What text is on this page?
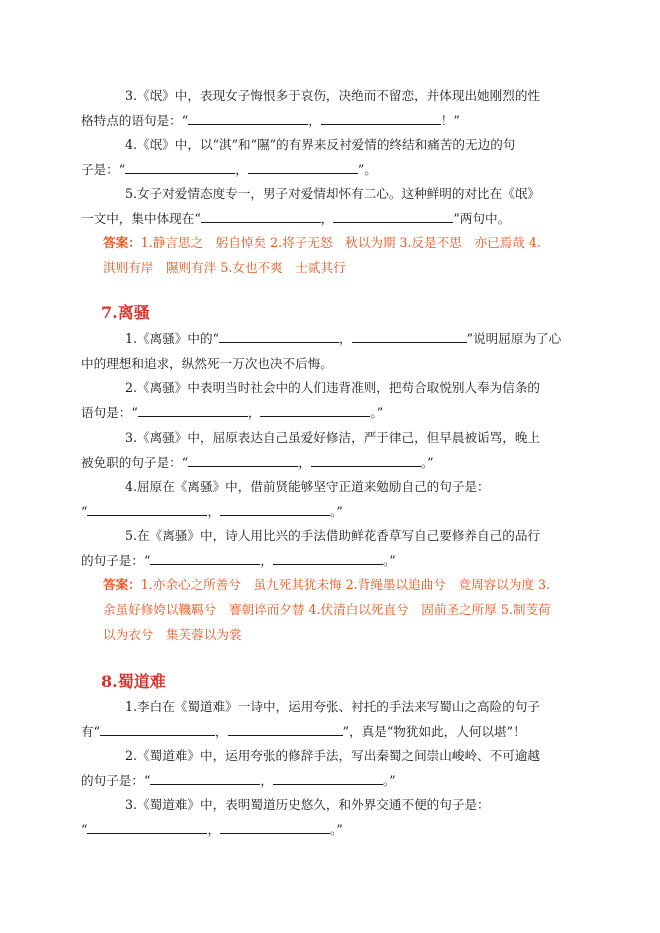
3.《氓》中，表现女子悔恨多于哀伤，决绝而不留恋，并体现出她刚烈的性
格特点的语句是：“	，	！”

4.《氓》中，以“淇”和“隰”的有界来反衬爱情的终结和痛苦的无边的句
子是：“	，	”。

5.女子对爱情态度专一，男子对爱情却怀有二心。这种鲜明的对比在《氓》
一文中，集中体现在“	，	”两句中。

答案：1.静言思之　躬自悼矣 2.将子无怒　秋以为期 3.反是不思　亦已焉哉 4.
淇则有岸　隰则有泮 5.女也不爽　士贰其行

7.离骚

1.《离骚》中的“	，	”说明屈原为了心
中的理想和追求，纵然死一万次也决不后悔。

2.《离骚》中表明当时社会中的人们违背准则，把苟合取悦别人奉为信条的
语句是：“	，	。”

3.《离骚》中，屈原表达自己虽爱好修洁，严于律己，但早晨被诟骂，晚上
被免职的句子是：“	，	。”

4.屈原在《离骚》中，借前贤能够坚守正道来勉励自己的句子是：
“	，	。”

5.在《离骚》中，诗人用比兴的手法借助鲜花香草写自己要修养自己的品行
的句子是：“	，	。”

答案：1.亦余心之所善兮　虽九死其犹未悔 2.背绳墨以追曲兮　竞周容以为度 3.
余虽好修姱以鞿羁兮　謇朝谇而夕替 4.伏清白以死直兮　固前圣之所厚 5.制芰荷
以为衣兮　集芙蓉以为裳

8.蜀道难

1.李白在《蜀道难》一诗中，运用夸张、衬托的手法来写蜀山之高险的句子
有“	，	”，真是“物犹如此，人何以堪”！

2.《蜀道难》中，运用夸张的修辞手法，写出秦蜀之间崇山峻岭、不可逾越
的句子是：“	，	。”

3.《蜀道难》中，表明蜀道历史悠久，和外界交通不便的句子是：
“	，	。”
